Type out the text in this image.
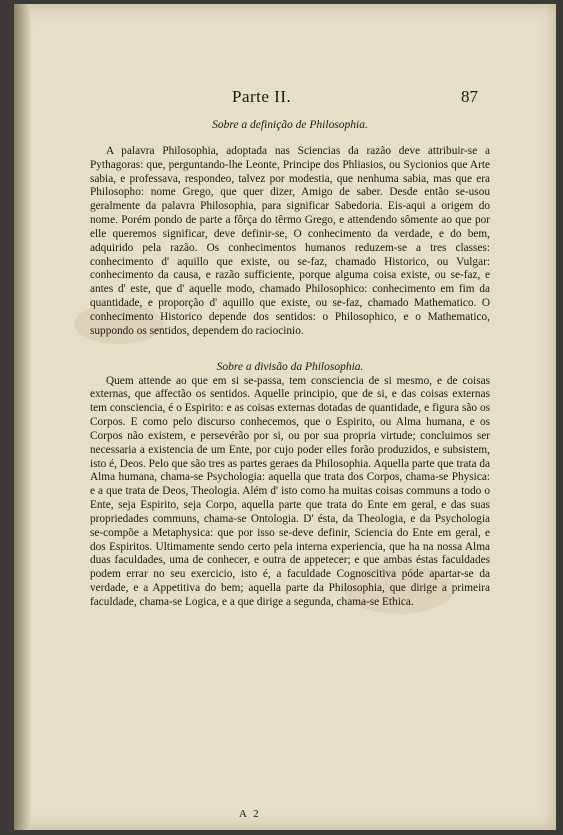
Parte II.	87

Sobre a definição de Philosophia.

A palavra Philosophia, adoptada nas Sciencias da razão deve attribuir-se a Pythagoras: que, perguntando-lhe Leonte, Principe dos Phliasios, ou Sycionios que Arte sabia, e professava, respondeo, talvez por modestia, que nenhuma sabia, mas que era Philosopho: nome Grego, que quer dizer, Amigo de saber. Desde então se-usou geralmente da palavra Philosophia, para significar Sabedoria. Eis-aqui a origem do nome. Porém pondo de parte a fôrça do têrmo Grego, e attendendo sômente ao que por elle queremos significar, deve definir-se, O conhecimento da verdade, e do bem, adquirido pela razão. Os conhecimentos humanos reduzem-se a tres classes: conhecimento d' aquillo que existe, ou se-faz, chamado Historico, ou Vulgar: conhecimento da causa, e razão sufficiente, porque alguma coisa existe, ou se-faz, e antes d' este, que d' aquelle modo, chamado Philosophico: conhecimento em fim da quantidade, e proporção d' aquillo que existe, ou se-faz, chamado Mathematico. O conhecimento Historico depende dos sentidos: o Philosophico, e o Mathematico, suppondo os sentidos, dependem do raciocinio.

Sobre a divisão da Philosophia.

Quem attende ao que em si se-passa, tem consciencia de si mesmo, e de coisas externas, que affectão os sentidos. Aquelle principio, que de si, e das coisas externas tem consciencia, é o Espirito: e as coisas externas dotadas de quantidade, e figura são os Corpos. E como pelo discurso conhecemos, que o Espirito, ou Alma humana, e os Corpos não existem, e persevérão por si, ou por sua propria virtude; concluimos ser necessaria a existencia de um Ente, por cujo poder elles forão produzidos, e subsistem, isto é, Deos. Pelo que são tres as partes geraes da Philosophia. Aquella parte que trata da Alma humana, chama-se Psychologia: aquella que trata dos Corpos, chama-se Physica: e a que trata de Deos, Theologia. Além d' isto como ha muitas coisas communs a todo o Ente, seja Espirito, seja Corpo, aquella parte que trata do Ente em geral, e das suas propriedades communs, chama-se Ontologia. D' ésta, da Theologia, e da Psychologia se-compõe a Metaphysica: que por isso se-deve definir, Sciencia do Ente em geral, e dos Espiritos. Ultimamente sendo certo pela interna experiencia, que ha na nossa Alma duas faculdades, uma de conhecer, e outra de appetecer; e que ambas éstas faculdades podem errar no seu exercicio, isto é, a faculdade Cognoscitiva póde apartar-se da verdade, e a Appetitiva do bem; aquella parte da Philosophia, que dirige a primeira faculdade, chama-se Logica, e a que dirige a segunda, chama-se Ethica.

A 2
